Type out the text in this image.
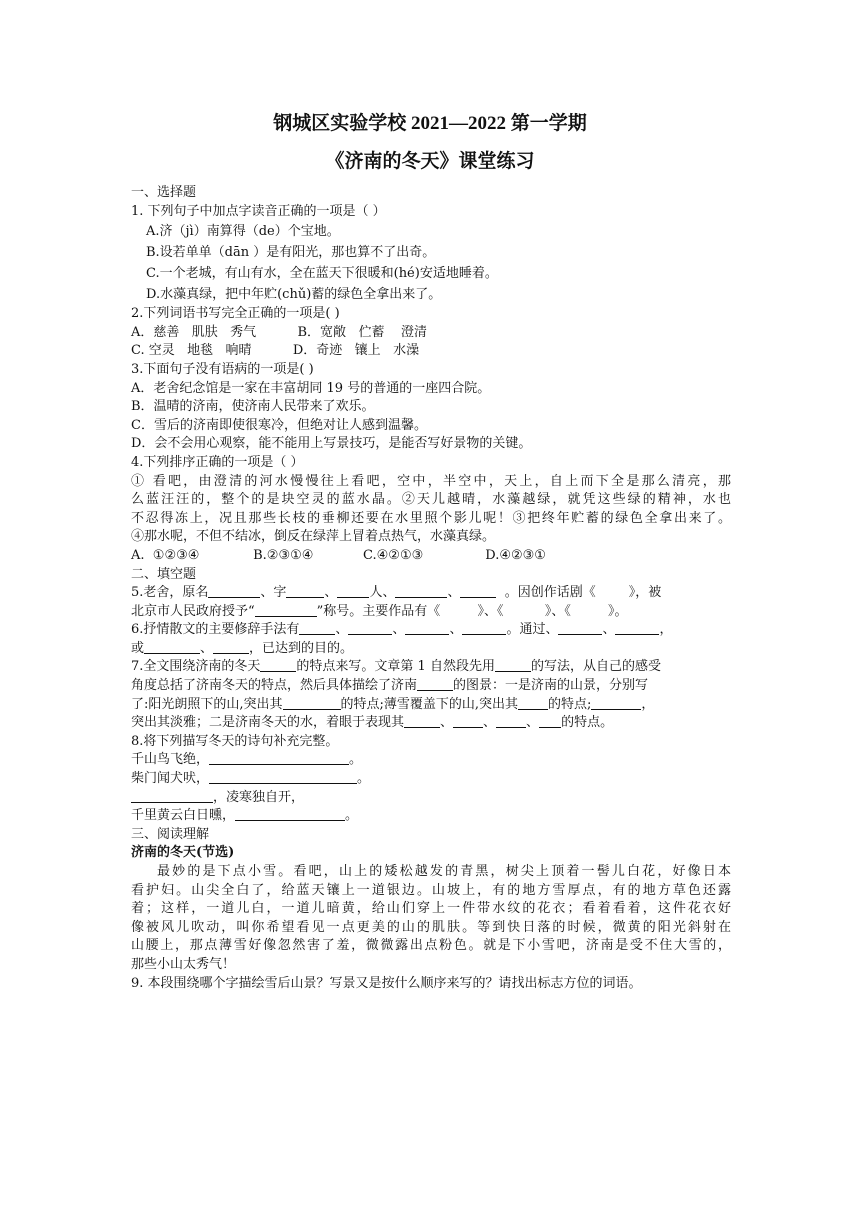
钢城区实验学校 2021—2022 第一学期
《济南的冬天》课堂练习
一、选择题
1. 下列句子中加点字读音正确的一项是（ ）
A.济（jì）南算得（de）个宝地。
B.设若单单（dān ）是有阳光，那也算不了出奇。
C.一个老城，有山有水，全在蓝天下很暖和(hé)安适地睡着。
D.水藻真绿，把中年贮(chǔ)蓄的绿色全拿出来了。
2.下列词语书写完全正确的一项是( )
A．慈善   肌肤   秀气          B．宽敞   伫蓄    澄清
C. 空灵   地毯   响晴          D．奇迹   镶上   水澡
3.下面句子没有语病的一项是( )
A．老舍纪念馆是一家在丰富胡同 19 号的普通的一座四合院。
B．温晴的济南，使济南人民带来了欢乐。
C．雪后的济南即使很寒冷，但绝对让人感到温馨。
D．会不会用心观察，能不能用上写景技巧，是能否写好景物的关键。
4.下列排序正确的一项是（ ）
① 看吧，由澄清的河水慢慢往上看吧，空中，半空中，天上，自上而下全是那么清亮，那
么蓝汪汪的，整个的是块空灵的蓝水晶。②天儿越晴，水藻越绿，就凭这些绿的精神，水也
不忍得冻上，况且那些长枝的垂柳还要在水里照个影儿呢！③把终年贮蓄的绿色全拿出来了。
④那水呢，不但不结冰，倒反在绿萍上冒着点热气，水藻真绿。
A.  ①②③④             B.②③①④            C.④②①③               D.④②③①
二、填空题
5.老舍，原名	、字	、 人、	、	。因创作话剧《        》，被
北京市人民政府授予“	”称号。主要作品有《         》、《          》、《         》。
6.抒情散文的主要修辞手法有	、	、	、	。通过、	、	，
或	、	，已达到的目的。
7.全文围绕济南的冬天	的特点来写。文章第 1 自然段先用	的写法，从自己的感受
角度总括了济南冬天的特点，然后具体描绘了济南	的图景：一是济南的山景，分别写
了:阳光朗照下的山,突出其	的特点;薄雪覆盖下的山,突出其 的特点;	，
突出其淡雅；二是济南冬天的水，着眼于表现其	、 、 、 的特点。
8.将下列描写冬天的诗句补充完整。
千山鸟飞绝，	。
柴门闻犬吠，	。
，凌寒独自开，
千里黄云白日曛，	。
三、阅读理解
济南的冬天(节选)
最妙的是下点小雪。看吧，山上的矮松越发的青黑，树尖上顶着一髻儿白花，好像日本
看护妇。山尖全白了，给蓝天镶上一道银边。山坡上，有的地方雪厚点，有的地方草色还露
着；这样，一道儿白，一道儿暗黄，给山们穿上一件带水纹的花衣；看着看着，这件花衣好
像被风儿吹动，叫你希望看见一点更美的山的肌肤。等到快日落的时候，微黄的阳光斜射在
山腰上，那点薄雪好像忽然害了羞，微微露出点粉色。就是下小雪吧，济南是受不住大雪的，
那些小山太秀气！
9. 本段围绕哪个字描绘雪后山景？写景又是按什么顺序来写的？请找出标志方位的词语。
